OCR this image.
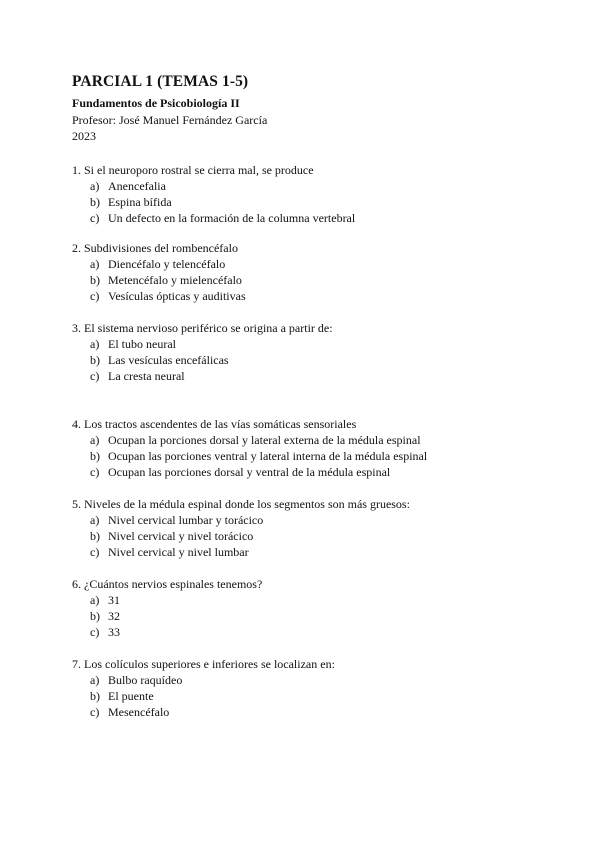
PARCIAL 1 (TEMAS 1-5)
Fundamentos de Psicobiología II
Profesor: José Manuel Fernández García
2023
1. Si el neuroporo rostral se cierra mal, se produce
a) Anencefalia
b) Espina bífida
c) Un defecto en la formación de la columna vertebral
2. Subdivisiones del rombencéfalo
a) Diencéfalo y telencéfalo
b) Metencéfalo y mielencéfalo
c) Vesículas ópticas y auditivas
3. El sistema nervioso periférico se origina a partir de:
a) El tubo neural
b) Las vesículas encefálicas
c) La cresta neural
4. Los tractos ascendentes de las vías somáticas sensoriales
a) Ocupan la porciones dorsal y lateral externa de la médula espinal
b) Ocupan las porciones ventral y lateral interna de la médula espinal
c) Ocupan las porciones dorsal y ventral de la médula espinal
5. Niveles de la médula espinal donde los segmentos son más gruesos:
a) Nivel cervical lumbar y torácico
b) Nivel cervical y nivel torácico
c) Nivel cervical y nivel lumbar
6. ¿Cuántos nervios espinales tenemos?
a) 31
b) 32
c) 33
7. Los colículos superiores e inferiores se localizan en:
a) Bulbo raquídeo
b) El puente
c) Mesencéfalo
